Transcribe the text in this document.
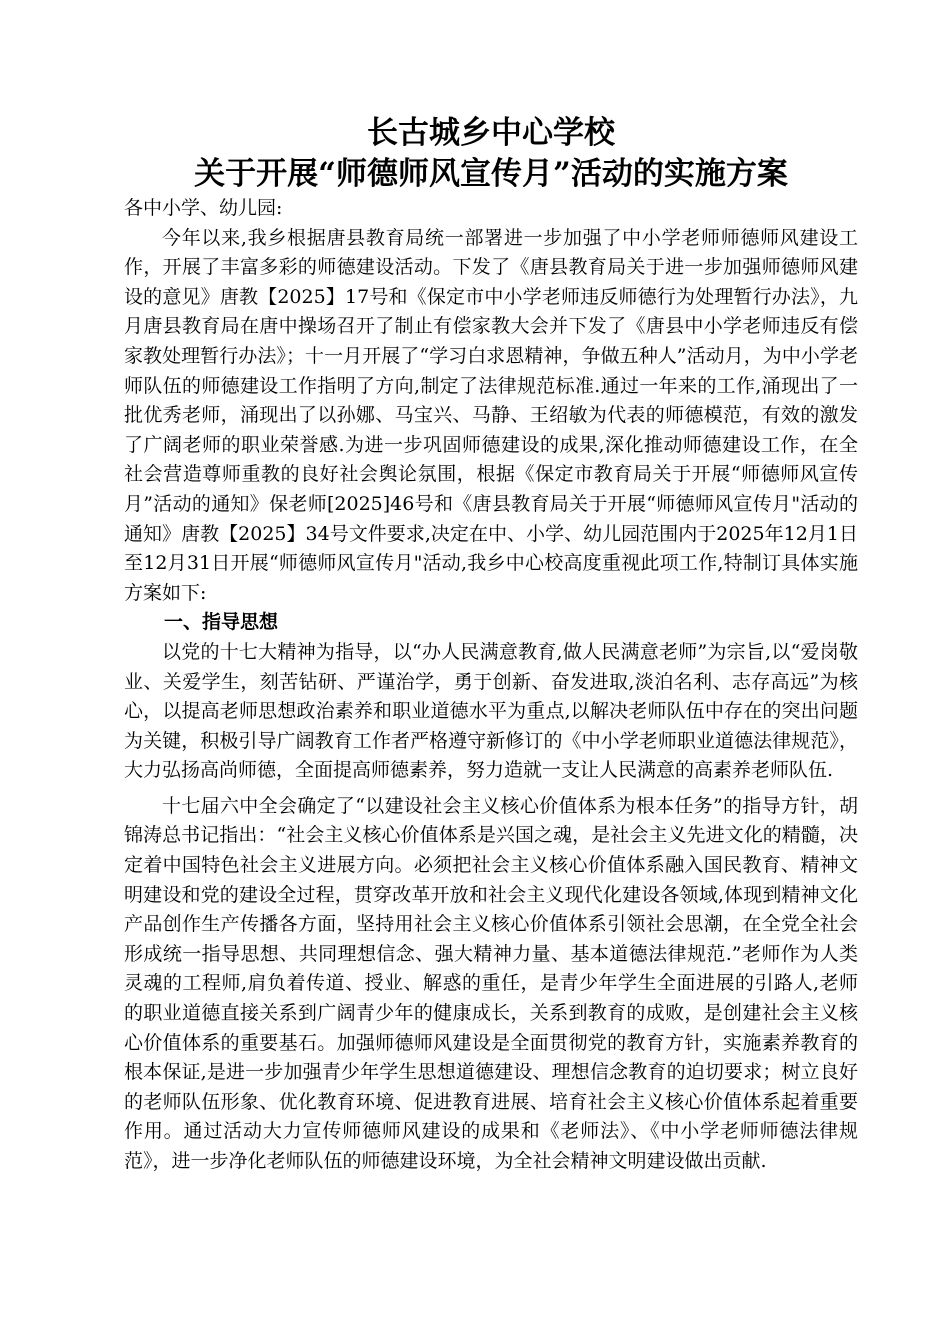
长古城乡中心学校
关于开展“师德师风宣传月”活动的实施方案

各中小学、幼儿园:

今年以来,我乡根据唐县教育局统一部署进一步加强了中小学老师师德师风建设工作，开展了丰富多彩的师德建设活动。下发了《唐县教育局关于进一步加强师德师风建设的意见》唐教【2025】17号和《保定市中小学老师违反师德行为处理暂行办法》，九月唐县教育局在唐中操场召开了制止有偿家教大会并下发了《唐县中小学老师违反有偿家教处理暂行办法》；十一月开展了“学习白求恩精神，争做五种人”活动月，为中小学老师队伍的师德建设工作指明了方向,制定了法律规范标准.通过一年来的工作,涌现出了一批优秀老师，涌现出了以孙娜、马宝兴、马静、王绍敏为代表的师德模范，有效的激发了广阔老师的职业荣誉感.为进一步巩固师德建设的成果,深化推动师德建设工作，在全社会营造尊师重教的良好社会舆论氛围，根据《保定市教育局关于开展“师德师风宣传月”活动的通知》保老师[2025]46号和《唐县教育局关于开展“师德师风宣传月"活动的通知》唐教【2025】34号文件要求,决定在中、小学、幼儿园范围内于2025年12月1日至12月31日开展“师德师风宣传月"活动,我乡中心校高度重视此项工作,特制订具体实施方案如下:

一、指导思想

以党的十七大精神为指导，以“办人民满意教育,做人民满意老师”为宗旨,以“爱岗敬业、关爱学生，刻苦钻研、严谨治学，勇于创新、奋发进取,淡泊名利、志存高远”为核心，以提高老师思想政治素养和职业道德水平为重点,以解决老师队伍中存在的突出问题为关键，积极引导广阔教育工作者严格遵守新修订的《中小学老师职业道德法律规范》，大力弘扬高尚师德，全面提高师德素养，努力造就一支让人民满意的高素养老师队伍.

十七届六中全会确定了“以建设社会主义核心价值体系为根本任务”的指导方针，胡锦涛总书记指出：“社会主义核心价值体系是兴国之魂，是社会主义先进文化的精髓，决定着中国特色社会主义进展方向。必须把社会主义核心价值体系融入国民教育、精神文明建设和党的建设全过程，贯穿改革开放和社会主义现代化建设各领域,体现到精神文化产品创作生产传播各方面，坚持用社会主义核心价值体系引领社会思潮，在全党全社会形成统一指导思想、共同理想信念、强大精神力量、基本道德法律规范.”老师作为人类灵魂的工程师,肩负着传道、授业、解惑的重任，是青少年学生全面进展的引路人,老师的职业道德直接关系到广阔青少年的健康成长，关系到教育的成败，是创建社会主义核心价值体系的重要基石。加强师德师风建设是全面贯彻党的教育方针，实施素养教育的根本保证,是进一步加强青少年学生思想道德建设、理想信念教育的迫切要求；树立良好的老师队伍形象、优化教育环境、促进教育进展、培育社会主义核心价值体系起着重要作用。通过活动大力宣传师德师风建设的成果和《老师法》、《中小学老师师德法律规范》，进一步净化老师队伍的师德建设环境，为全社会精神文明建设做出贡献.
